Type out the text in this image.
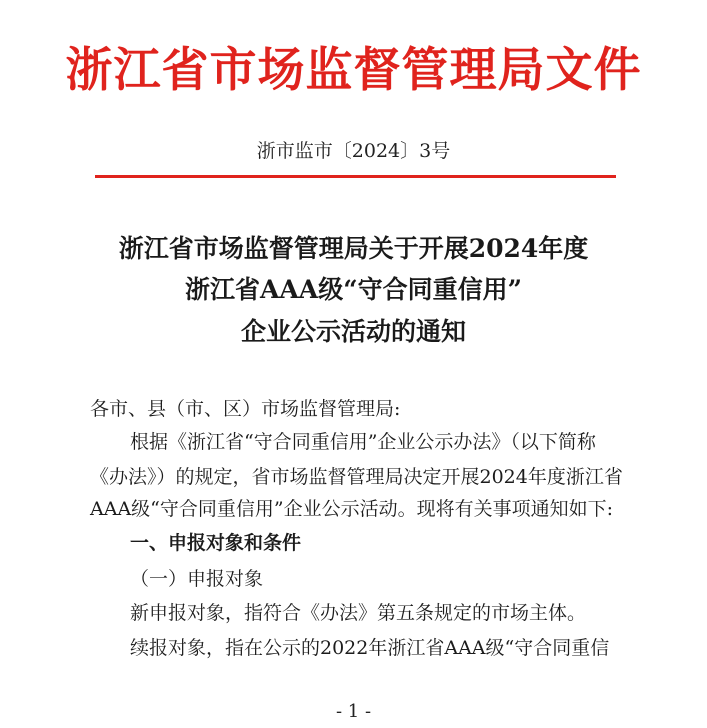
浙江省市场监督管理局文件
浙市监市〔2024〕3号
浙江省市场监督管理局关于开展2024年度
浙江省AAA级“守合同重信用”
企业公示活动的通知
各市、县（市、区）市场监督管理局:
根据《浙江省“守合同重信用”企业公示办法》（以下简称
《办法》）的规定，省市场监督管理局决定开展2024年度浙江省
AAA级“守合同重信用”企业公示活动。现将有关事项通知如下:
一、申报对象和条件
（一）申报对象
新申报对象，指符合《办法》第五条规定的市场主体。
续报对象，指在公示的2022年浙江省AAA级“守合同重信
- 1 -
